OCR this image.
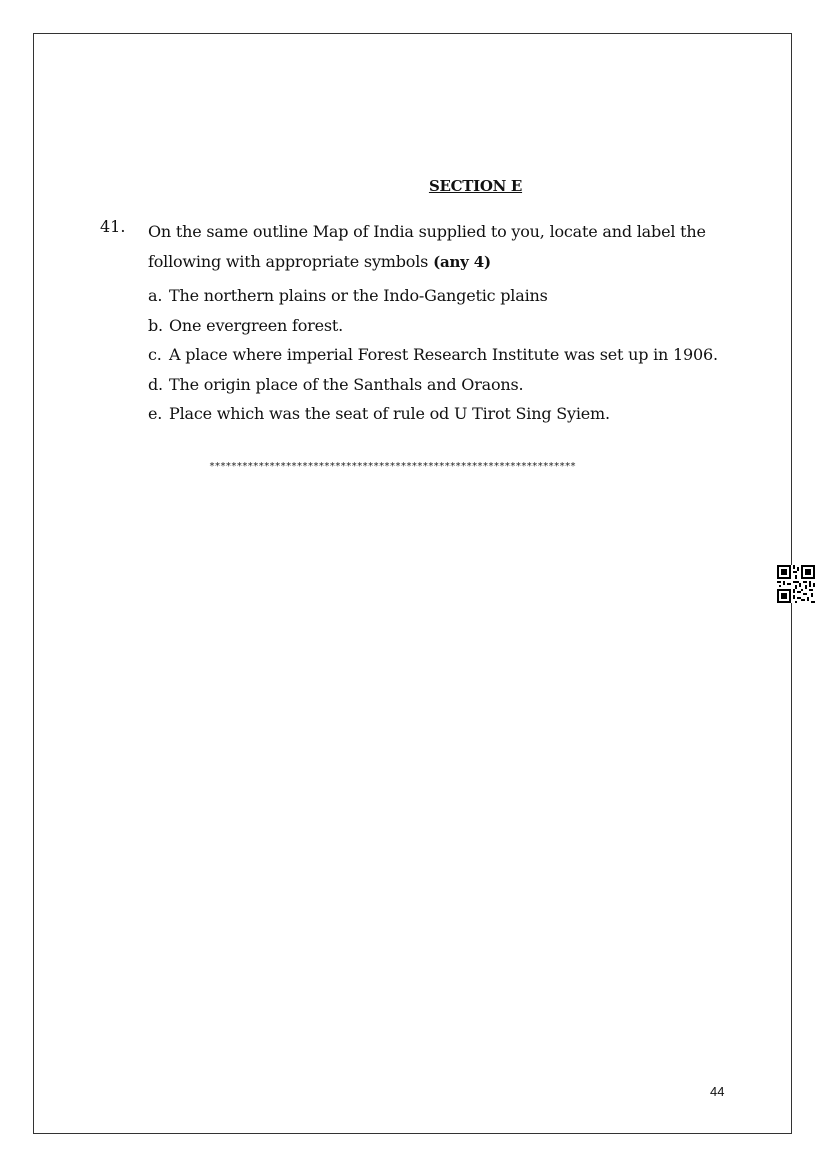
SECTION E
41. On the same outline Map of India supplied to you, locate and label the following with appropriate symbols (any 4)
a. The northern plains or the Indo-Gangetic plains
b. One evergreen forest.
c. A place where imperial Forest Research Institute was set up in 1906.
d. The origin place of the Santhals and Oraons.
e. Place which was the seat of rule od U Tirot Sing Syiem.
*******************************************************************
44
